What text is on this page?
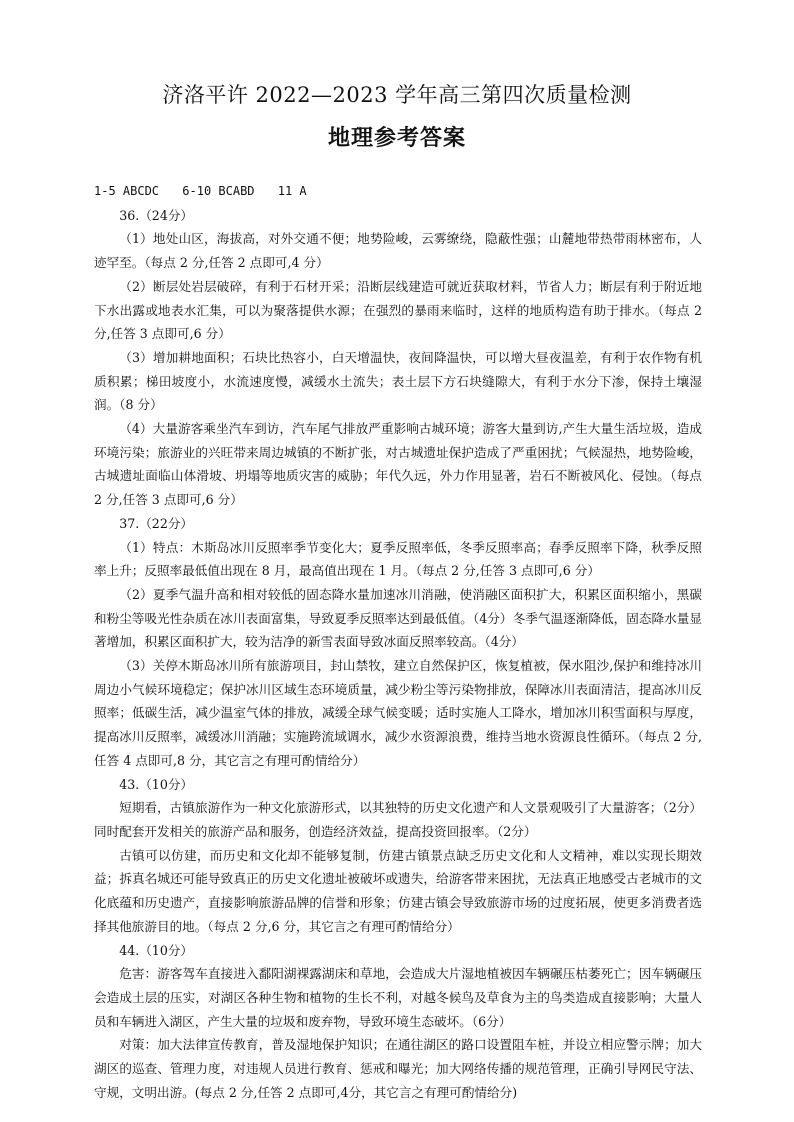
济洛平许 2022—2023 学年高三第四次质量检测
地理参考答案

1-5 ABCDC 6-10 BCABD 11 A

36.（24分）

（1）地处山区，海拔高，对外交通不便；地势险峻，云雾缭绕，隐蔽性强；山麓地带热带雨林密布，人迹罕至。（每点 2 分,任答 2 点即可,4 分）

（2）断层处岩层破碎，有利于石材开采；沿断层线建造可就近获取材料，节省人力；断层有利于附近地下水出露或地表水汇集，可以为聚落提供水源；在强烈的暴雨来临时，这样的地质构造有助于排水。（每点 2 分,任答 3 点即可,6 分）

（3）增加耕地面积；石块比热容小，白天增温快，夜间降温快，可以增大昼夜温差，有利于农作物有机质积累；梯田坡度小，水流速度慢，减缓水土流失；表土层下方石块缝隙大，有利于水分下渗，保持土壤湿润。（8 分）

（4）大量游客乘坐汽车到访，汽车尾气排放严重影响古城环境；游客大量到访,产生大量生活垃圾，造成环境污染；旅游业的兴旺带来周边城镇的不断扩张，对古城遗址保护造成了严重困扰；气候湿热，地势险峻，古城遗址面临山体滑坡、坍塌等地质灾害的威胁；年代久远，外力作用显著，岩石不断被风化、侵蚀。（每点 2 分,任答 3 点即可,6 分）

37.（22分）

（1）特点：木斯岛冰川反照率季节变化大；夏季反照率低，冬季反照率高；春季反照率下降，秋季反照率上升；反照率最低值出现在 8 月，最高值出现在 1 月。（每点 2 分,任答 3 点即可,6 分）

（2）夏季气温升高和相对较低的固态降水量加速冰川消融，使消融区面积扩大，积累区面积缩小，黑碳和粉尘等吸光性杂质在冰川表面富集，导致夏季反照率达到最低值。（4分）冬季气温逐渐降低，固态降水量显著增加，积累区面积扩大，较为洁净的新雪表面导致冰面反照率较高。（4分）

（3）关停木斯岛冰川所有旅游项目，封山禁牧，建立自然保护区，恢复植被，保水阻沙,保护和维持冰川周边小气候环境稳定；保护冰川区域生态环境质量，减少粉尘等污染物排放，保障冰川表面清洁，提高冰川反照率；低碳生活，减少温室气体的排放，减缓全球气候变暖；适时实施人工降水，增加冰川积雪面积与厚度，提高冰川反照率，减缓冰川消融；实施跨流域调水，减少水资源浪费，维持当地水资源良性循环。（每点 2 分,任答 4 点即可,8 分，其它言之有理可酌情给分）

43.（10分）

短期看，古镇旅游作为一种文化旅游形式，以其独特的历史文化遗产和人文景观吸引了大量游客；（2分）同时配套开发相关的旅游产品和服务，创造经济效益，提高投资回报率。（2分）

古镇可以仿建，而历史和文化却不能够复制，仿建古镇景点缺乏历史文化和人文精神，难以实现长期效益；拆真名城还可能导致真正的历史文化遗址被破坏或遗失，给游客带来困扰，无法真正地感受古老城市的文化底蕴和历史遗产，直接影响旅游品牌的信誉和形象；仿建古镇会导致旅游市场的过度拓展，使更多消费者选择其他旅游目的地。（每点 2 分,6 分，其它言之有理可酌情给分）

44.（10分）

危害：游客驾车直接进入鄱阳湖裸露湖床和草地，会造成大片湿地植被因车辆碾压枯萎死亡；因车辆碾压会造成土层的压实，对湖区各种生物和植物的生长不利，对越冬候鸟及草食为主的鸟类造成直接影响；大量人员和车辆进入湖区，产生大量的垃圾和废弃物，导致环境生态破坏。（6分）

对策：加大法律宣传教育，普及湿地保护知识；在通往湖区的路口设置阻车桩，并设立相应警示牌；加大湖区的巡查、管理力度，对违规人员进行教育、惩戒和曝光；加大网络传播的规范管理，正确引导网民守法、守规，文明出游。(每点 2 分,任答 2 点即可,4分，其它言之有理可酌情给分)
